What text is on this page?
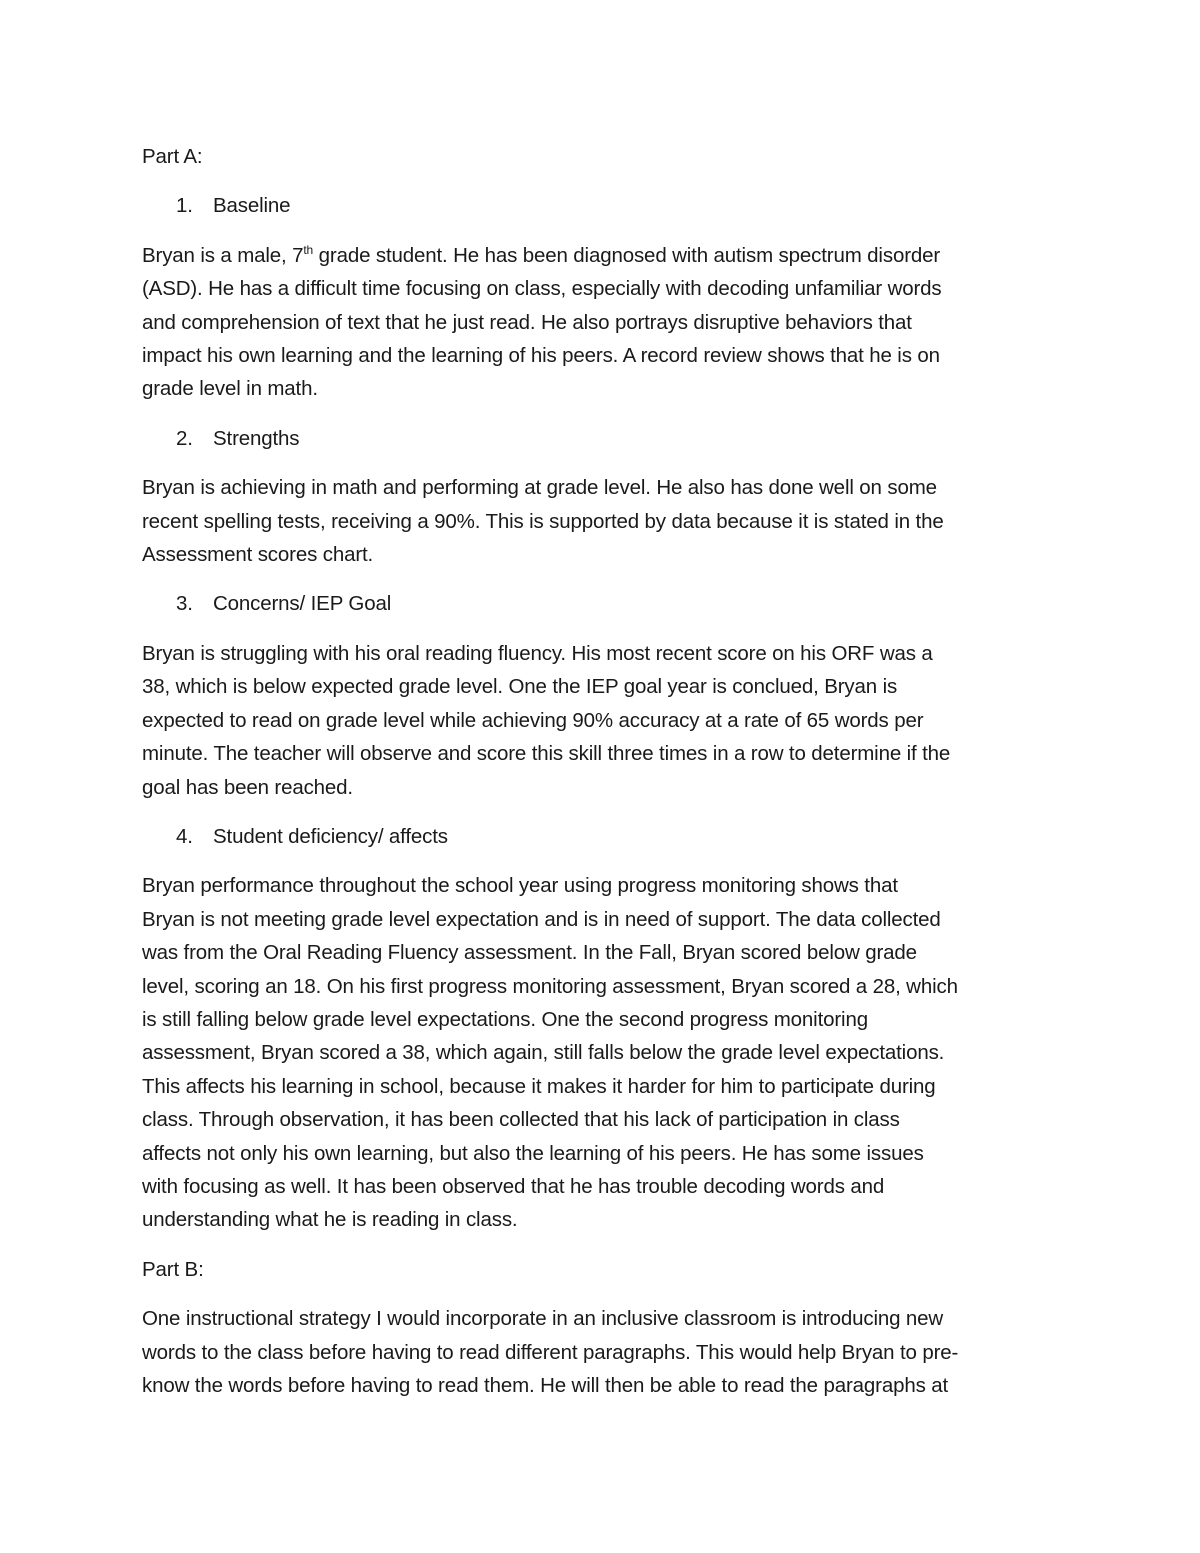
Part A:

1. Baseline

Bryan is a male, 7th grade student. He has been diagnosed with autism spectrum disorder
(ASD). He has a difficult time focusing on class, especially with decoding unfamiliar words
and comprehension of text that he just read. He also portrays disruptive behaviors that
impact his own learning and the learning of his peers. A record review shows that he is on
grade level in math.

2. Strengths

Bryan is achieving in math and performing at grade level. He also has done well on some
recent spelling tests, receiving a 90%. This is supported by data because it is stated in the
Assessment scores chart.

3. Concerns/ IEP Goal

Bryan is struggling with his oral reading fluency. His most recent score on his ORF was a
38, which is below expected grade level. One the IEP goal year is conclued, Bryan is
expected to read on grade level while achieving 90% accuracy at a rate of 65 words per
minute. The teacher will observe and score this skill three times in a row to determine if the
goal has been reached.

4. Student deficiency/ affects

Bryan performance throughout the school year using progress monitoring shows that
Bryan is not meeting grade level expectation and is in need of support. The data collected
was from the Oral Reading Fluency assessment. In the Fall, Bryan scored below grade
level, scoring an 18. On his first progress monitoring assessment, Bryan scored a 28, which
is still falling below grade level expectations. One the second progress monitoring
assessment, Bryan scored a 38, which again, still falls below the grade level expectations.
This affects his learning in school, because it makes it harder for him to participate during
class. Through observation, it has been collected that his lack of participation in class
affects not only his own learning, but also the learning of his peers. He has some issues
with focusing as well. It has been observed that he has trouble decoding words and
understanding what he is reading in class.

Part B:

One instructional strategy I would incorporate in an inclusive classroom is introducing new
words to the class before having to read different paragraphs. This would help Bryan to pre-
know the words before having to read them. He will then be able to read the paragraphs at
